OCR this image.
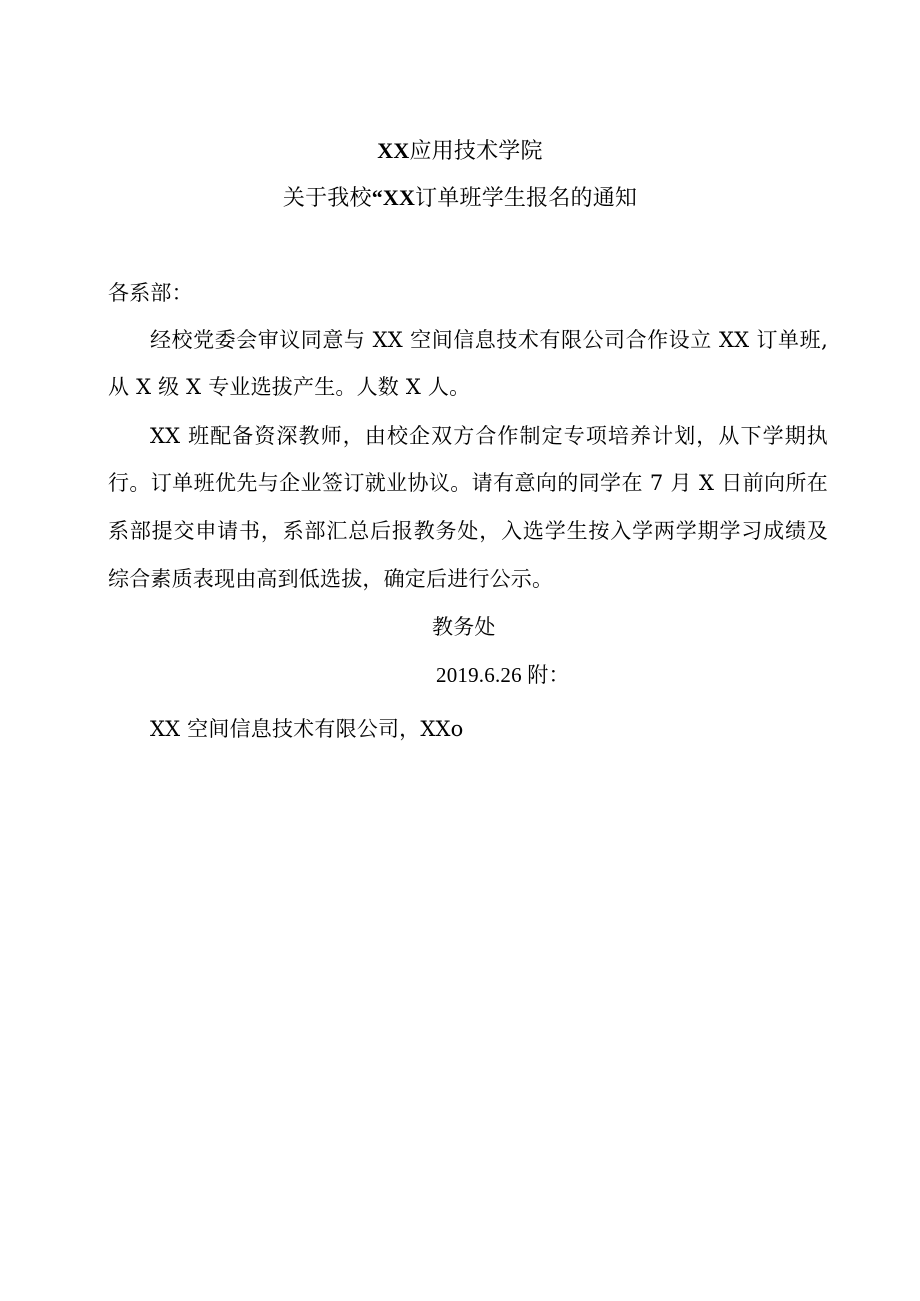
XX应用技术学院
关于我校“XX订单班学生报名的通知
各系部：
经校党委会审议同意与 XX 空间信息技术有限公司合作设立 XX 订单班,
从 X 级 X 专业选拔产生。人数 X 人。
XX 班配备资深教师，由校企双方合作制定专项培养计划，从下学期执
行。订单班优先与企业签订就业协议。请有意向的同学在 7 月 X 日前向所在
系部提交申请书，系部汇总后报教务处，入选学生按入学两学期学习成绩及
综合素质表现由高到低选拔，确定后进行公示。
教务处
2019.6.26 附：
XX 空间信息技术有限公司，XXo
